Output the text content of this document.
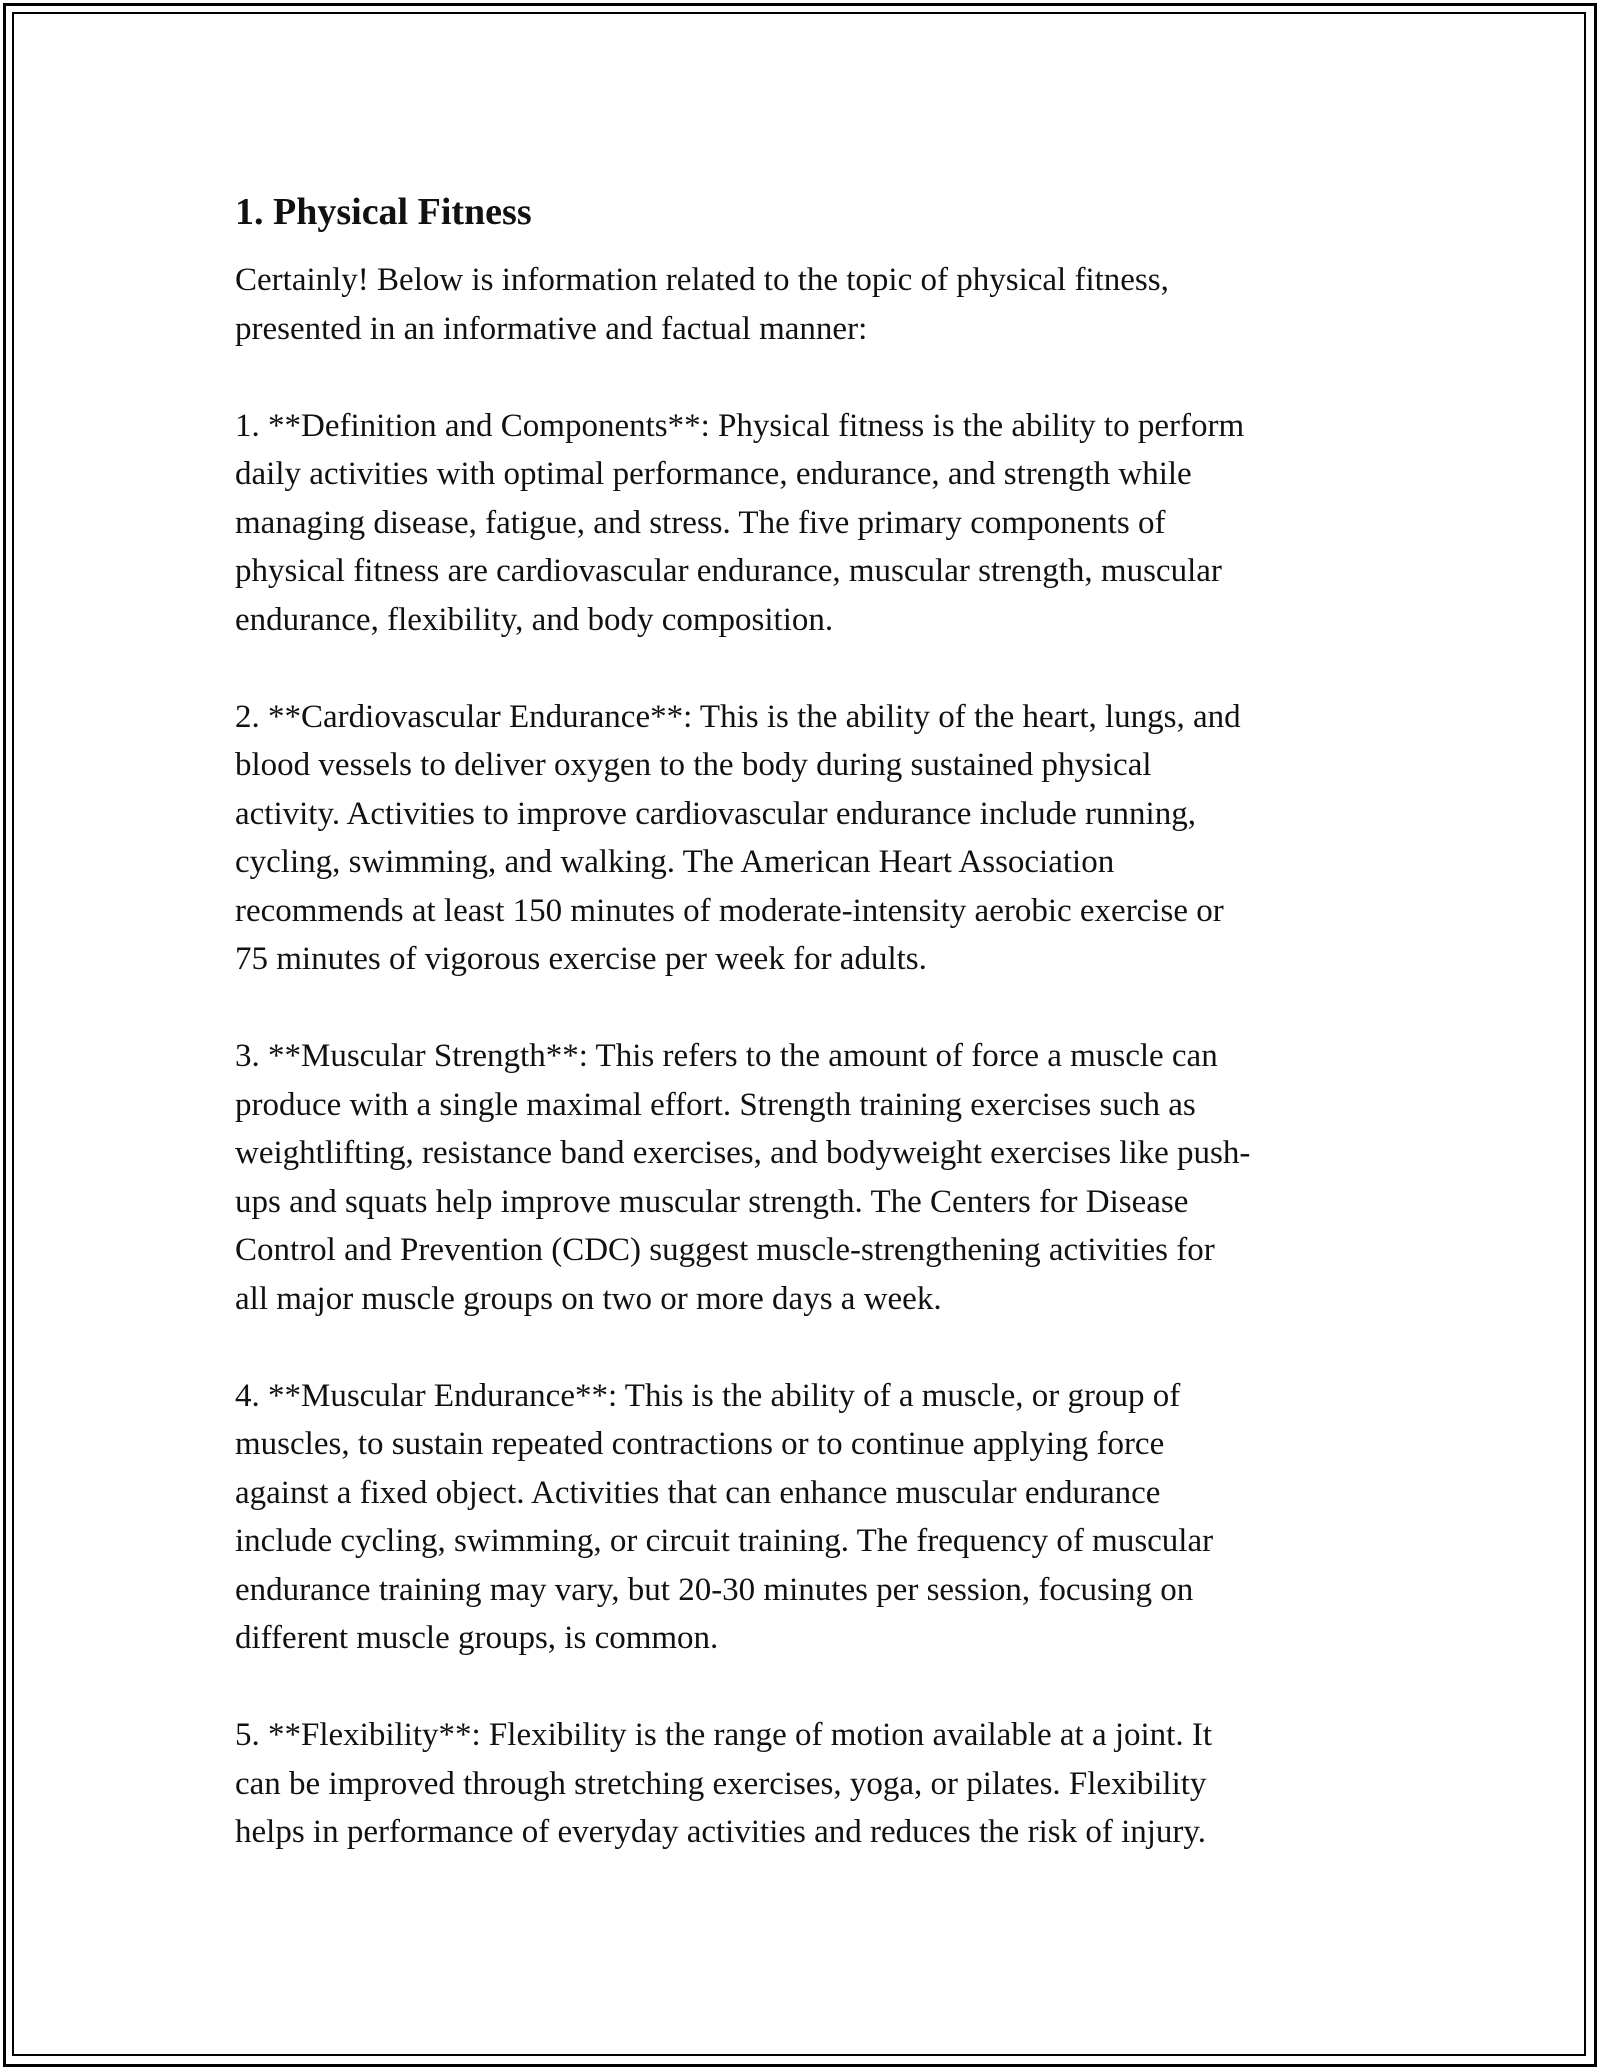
1. Physical Fitness

Certainly! Below is information related to the topic of physical fitness,
presented in an informative and factual manner:

1. **Definition and Components**: Physical fitness is the ability to perform
daily activities with optimal performance, endurance, and strength while
managing disease, fatigue, and stress. The five primary components of
physical fitness are cardiovascular endurance, muscular strength, muscular
endurance, flexibility, and body composition.

2. **Cardiovascular Endurance**: This is the ability of the heart, lungs, and
blood vessels to deliver oxygen to the body during sustained physical
activity. Activities to improve cardiovascular endurance include running,
cycling, swimming, and walking. The American Heart Association
recommends at least 150 minutes of moderate-intensity aerobic exercise or
75 minutes of vigorous exercise per week for adults.

3. **Muscular Strength**: This refers to the amount of force a muscle can
produce with a single maximal effort. Strength training exercises such as
weightlifting, resistance band exercises, and bodyweight exercises like push-
ups and squats help improve muscular strength. The Centers for Disease
Control and Prevention (CDC) suggest muscle-strengthening activities for
all major muscle groups on two or more days a week.

4. **Muscular Endurance**: This is the ability of a muscle, or group of
muscles, to sustain repeated contractions or to continue applying force
against a fixed object. Activities that can enhance muscular endurance
include cycling, swimming, or circuit training. The frequency of muscular
endurance training may vary, but 20-30 minutes per session, focusing on
different muscle groups, is common.

5. **Flexibility**: Flexibility is the range of motion available at a joint. It
can be improved through stretching exercises, yoga, or pilates. Flexibility
helps in performance of everyday activities and reduces the risk of injury.
